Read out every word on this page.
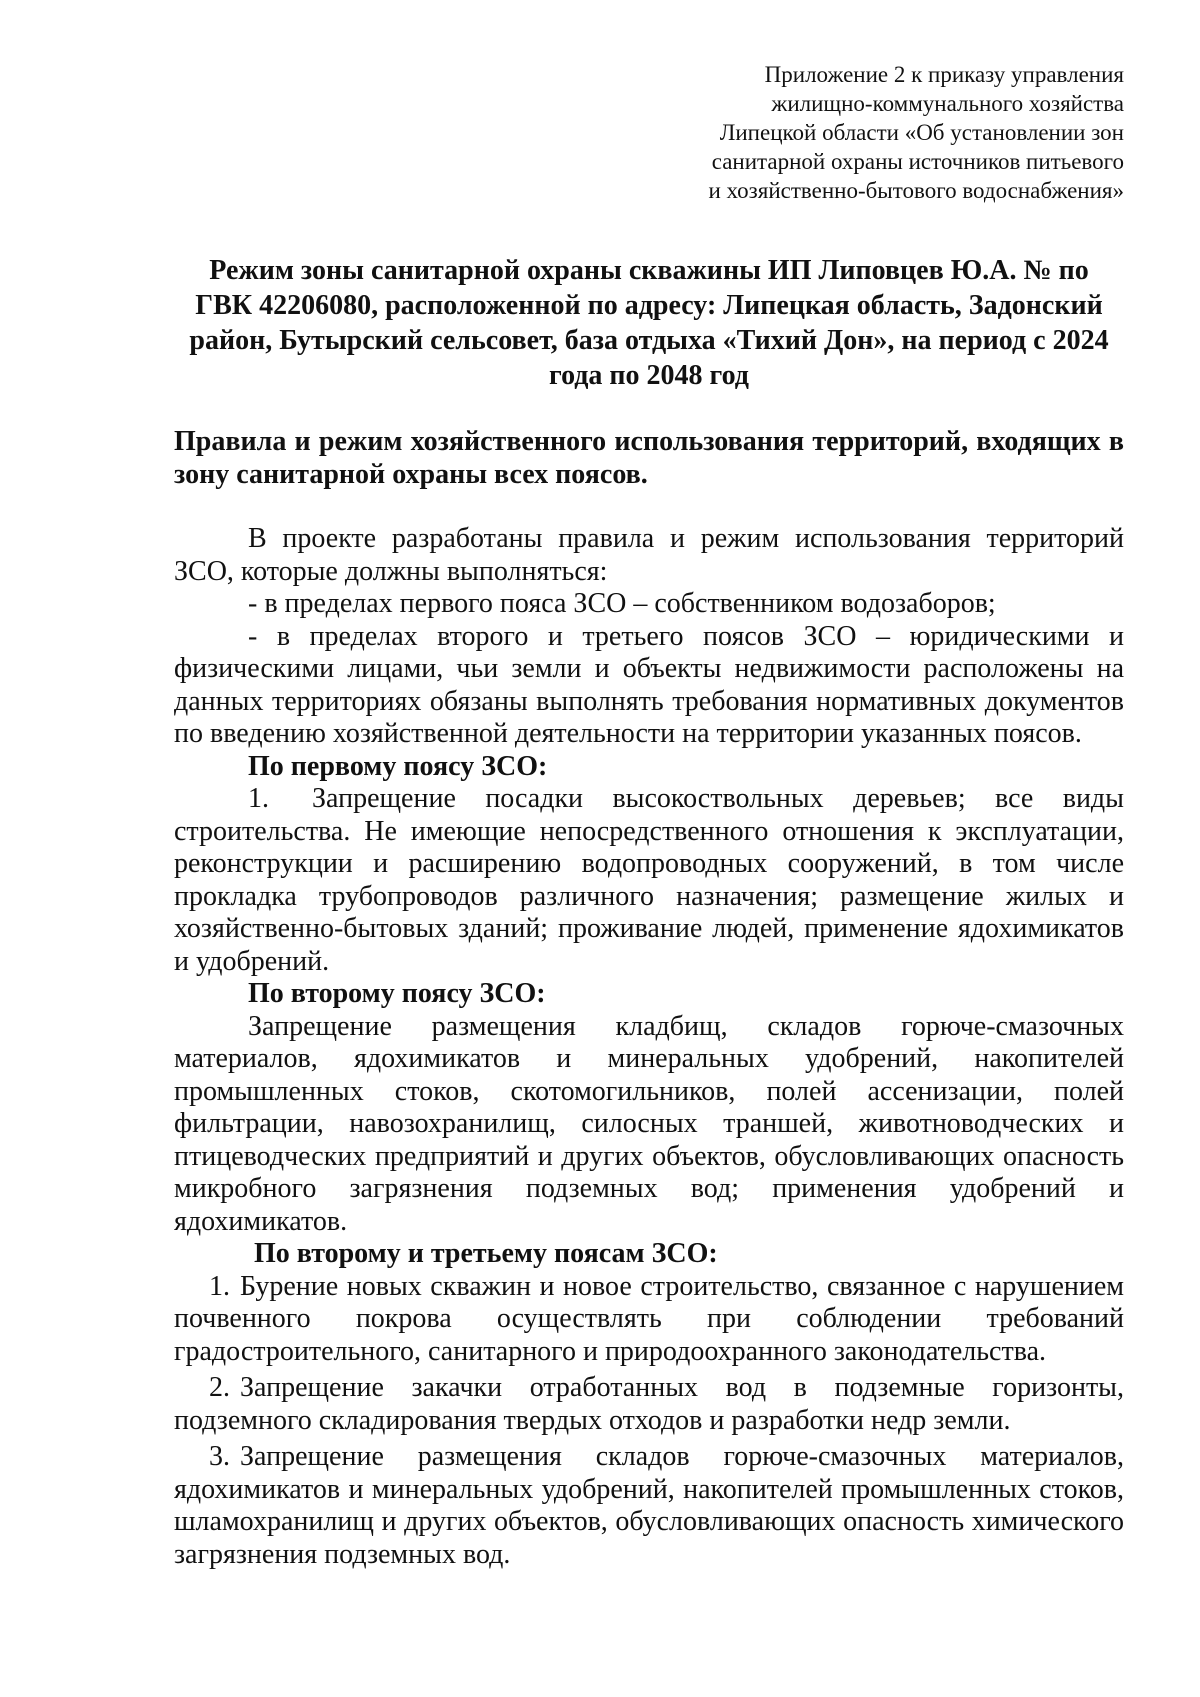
Приложение 2 к приказу управления
жилищно-коммунального хозяйства
Липецкой области «Об установлении зон
санитарной охраны источников питьевого
и хозяйственно-бытового водоснабжения»
Режим зоны санитарной охраны скважины ИП Липовцев Ю.А. № по
ГВК 42206080, расположенной по адресу: Липецкая область, Задонский
район, Бутырский сельсовет, база отдыха «Тихий Дон», на период с 2024
года по 2048 год
Правила и режим хозяйственного использования территорий, входящих в зону санитарной охраны всех поясов.

В проекте разработаны правила и режим использования территорий ЗСО, которые должны выполняться:

- в пределах первого пояса ЗСО – собственником водозаборов;

- в пределах второго и третьего поясов ЗСО – юридическими и физическими лицами, чьи земли и объекты недвижимости расположены на данных территориях обязаны выполнять требования нормативных документов по введению хозяйственной деятельности на территории указанных поясов.

По первому поясу ЗСО:

1. Запрещение посадки высокоствольных деревьев; все виды строительства. Не имеющие непосредственного отношения к эксплуатации, реконструкции и расширению водопроводных сооружений, в том числе прокладка трубопроводов различного назначения; размещение жилых и хозяйственно-бытовых зданий; проживание людей, применение ядохимикатов и удобрений.

По второму поясу ЗСО:

Запрещение размещения кладбищ, складов горюче-смазочных материалов, ядохимикатов и минеральных удобрений, накопителей промышленных стоков, скотомогильников, полей ассенизации, полей фильтрации, навозохранилищ, силосных траншей, животноводческих и птицеводческих предприятий и других объектов, обусловливающих опасность микробного загрязнения подземных вод; применения удобрений и ядохимикатов.

По второму и третьему поясам ЗСО:

1. Бурение новых скважин и новое строительство, связанное с нарушением почвенного покрова осуществлять при соблюдении требований градостроительного, санитарного и природоохранного законодательства.

2. Запрещение закачки отработанных вод в подземные горизонты, подземного складирования твердых отходов и разработки недр земли.

3. Запрещение размещения складов горюче-смазочных материалов, ядохимикатов и минеральных удобрений, накопителей промышленных стоков, шламохранилищ и других объектов, обусловливающих опасность химического загрязнения подземных вод.
